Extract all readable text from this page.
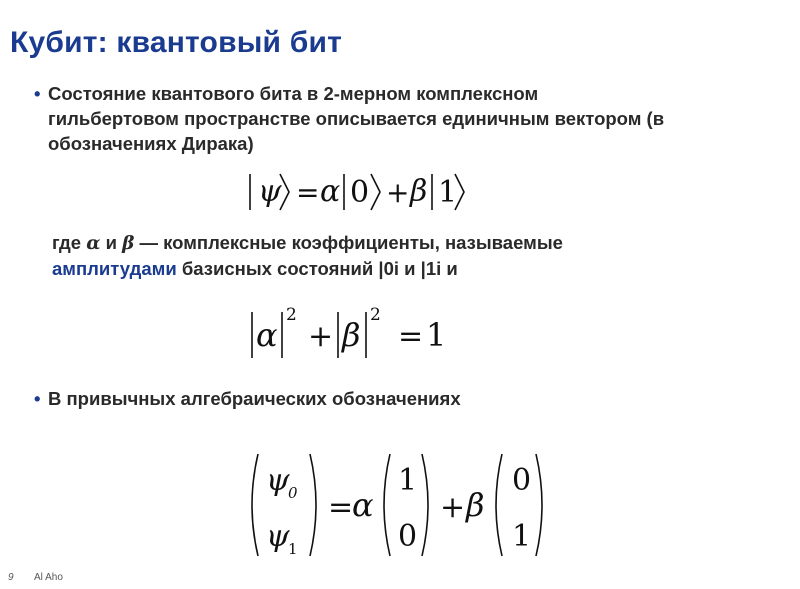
Кубит: квантовый бит
• Состояние квантового бита в 2-мерном комплексном
гильбертовом пространстве описывается единичным вектором (в
обозначениях Дирака)
ψ = α 0 + β 1
где α и β — комплексные коэффициенты, называемые
амплитудами базисных состояний |0i и |1i и
α
2
+ β
2
= 1
• В привычных алгебраических обозначениях
ψ
0
ψ
1
=
α
1
0
+ β
0
1
9 Al Aho
